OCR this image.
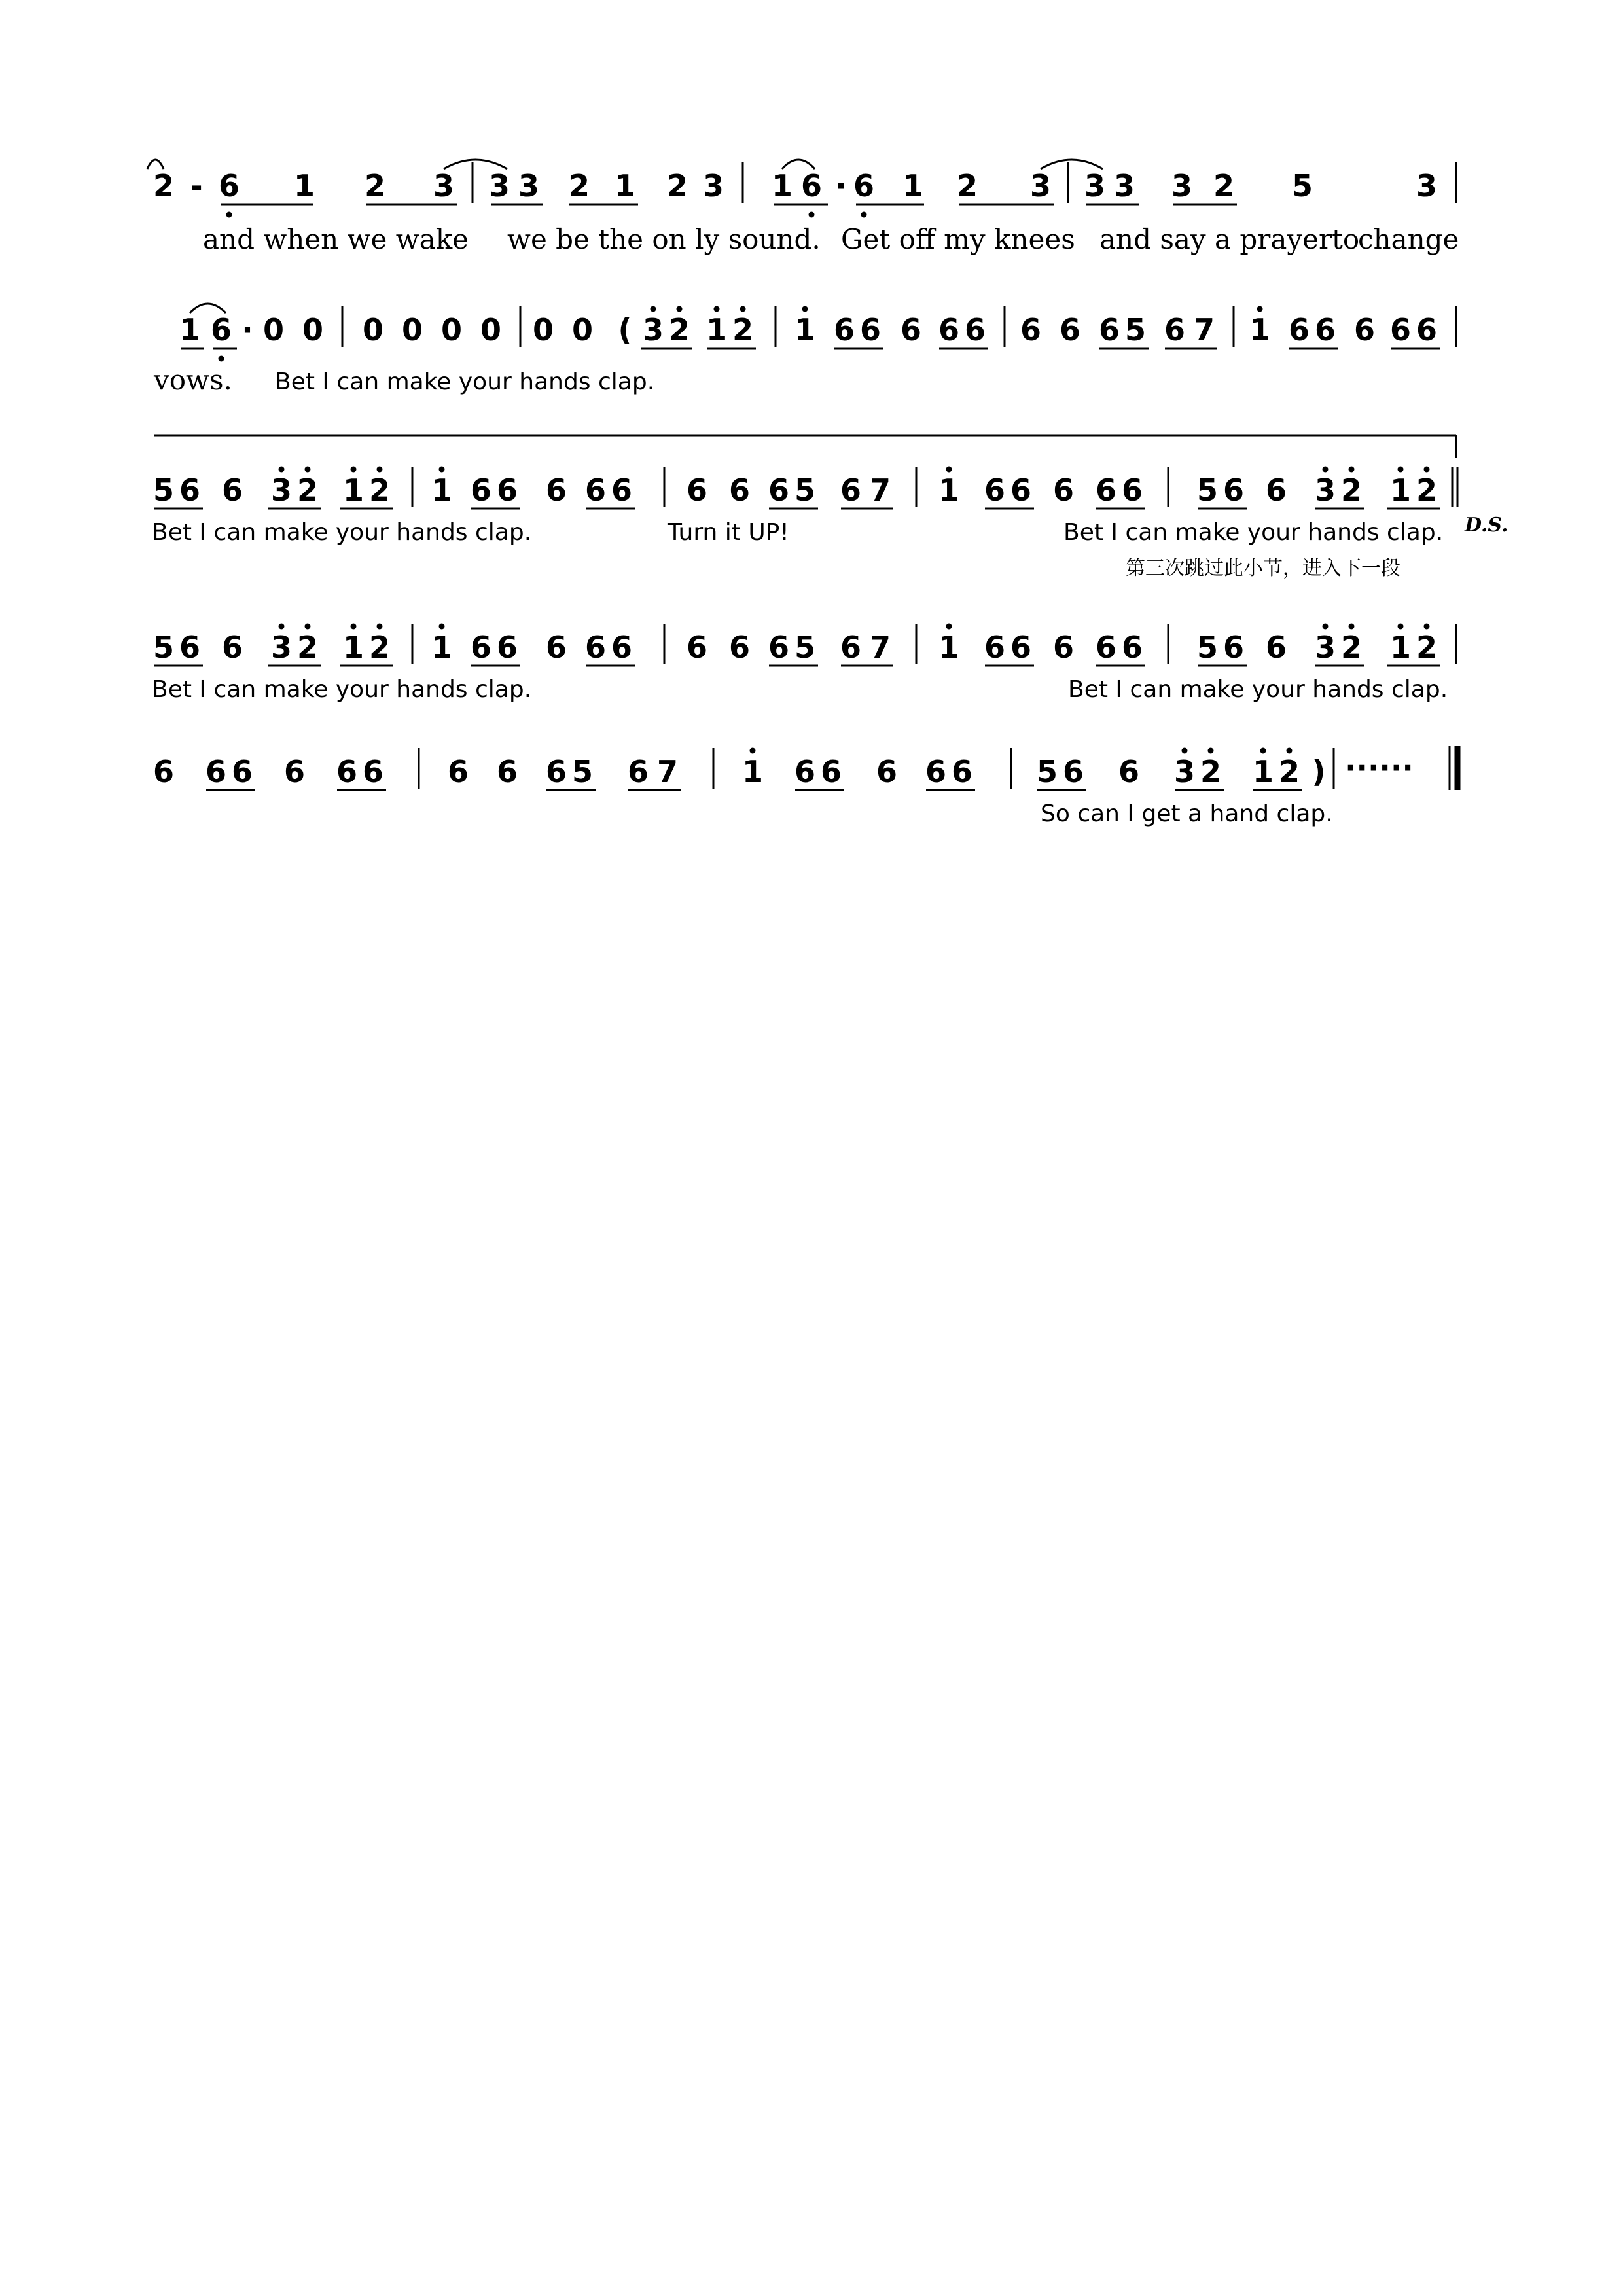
2 - 6 1 2 3 3 3 2 1 2 3 1 6 · 6 1 2 3 3 3 3 2 5	3
1 6 · 0 0 0 0 0 0 0 0 ( 3 2 1 2 1 6 6 6 6 6 6 6 6 5 6 7 1 6 6 6 6 6
5 6 6 3 2 1 2 1 6 6 6 6 6 6 6 6 5 6 7 1 6 6 6 6 6 5 6 6 3 2 1 2
5 6 6 3 2 1 2 1 6 6 6 6 6 6 6 6 5 6 7 1 6 6 6 6 6 5 6 6 3 2 1 2
6 6 6 6 6 6 6 6 6 5 6 7 1 6 6 6 6 6 5 6 6 3 2 1 2 ) ······
and when we wake we be the on ly sound. Get off my knees and say a prayerto
change
vows. Bet I can make your hands clap.
Bet I can make your hands clap.	Turn it UP!	Bet I can make your hands clap.
Bet I can make your hands clap.	Bet I can make your hands clap.
So can I get a hand clap.
D.S.
第三次跳过此小节，进入下一段
